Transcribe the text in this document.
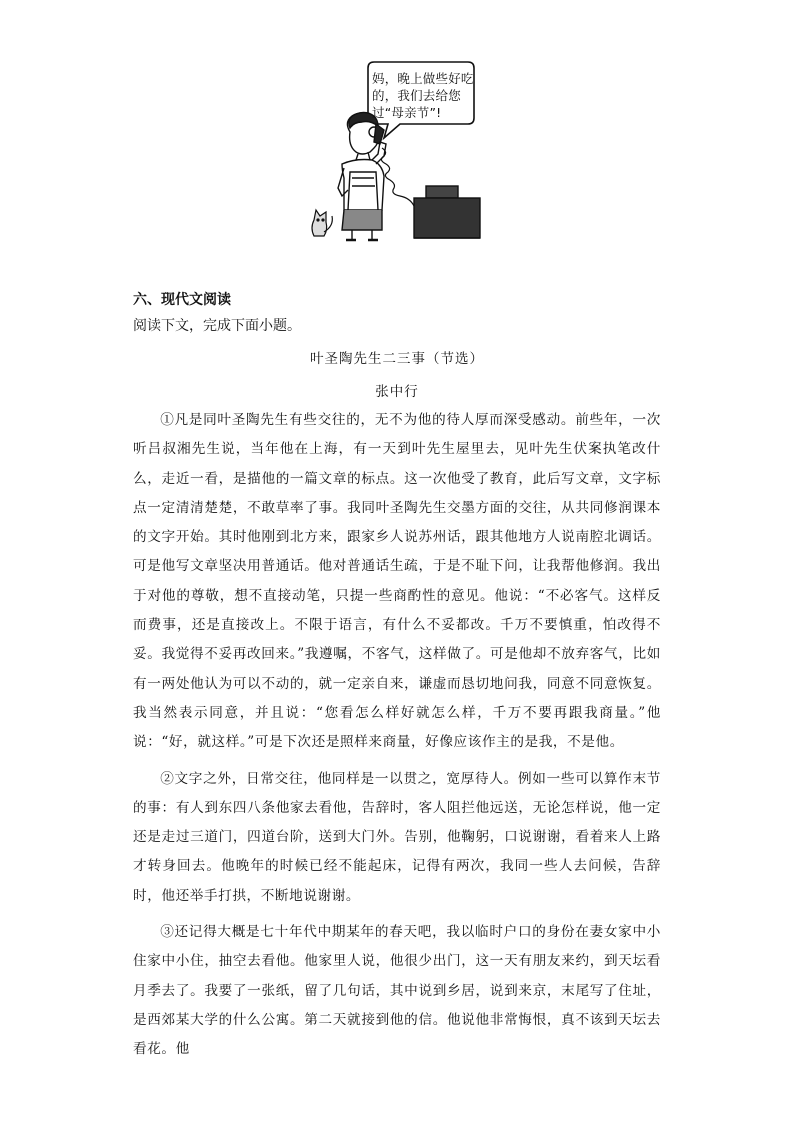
妈，晚上做些好吃的，我们去给您过“母亲节”!
六、现代文阅读
阅读下文，完成下面小题。
叶圣陶先生二三事（节选）
张中行

①凡是同叶圣陶先生有些交往的，无不为他的待人厚而深受感动。前些年，一次听吕叔湘先生说，当年他在上海，有一天到叶先生屋里去，见叶先生伏案执笔改什么，走近一看，是描他的一篇文章的标点。这一次他受了教育，此后写文章，文字标点一定清清楚楚，不敢草率了事。我同叶圣陶先生交墨方面的交往，从共同修润课本的文字开始。其时他刚到北方来，跟家乡人说苏州话，跟其他地方人说南腔北调话。可是他写文章坚决用普通话。他对普通话生疏，于是不耻下问，让我帮他修润。我出于对他的尊敬，想不直接动笔，只提一些商酌性的意见。他说：“不必客气。这样反而费事，还是直接改上。不限于语言，有什么不妥都改。千万不要慎重，怕改得不妥。我觉得不妥再改回来。”我遵嘱，不客气，这样做了。可是他却不放弃客气，比如有一两处他认为可以不动的，就一定亲自来，谦虚而恳切地问我，同意不同意恢复。我当然表示同意，并且说：“您看怎么样好就怎么样，千万不要再跟我商量。”他说：“好，就这样。”可是下次还是照样来商量，好像应该作主的是我，不是他。

②文字之外，日常交往，他同样是一以贯之，宽厚待人。例如一些可以算作末节的事：有人到东四八条他家去看他，告辞时，客人阻拦他远送，无论怎样说，他一定还是走过三道门，四道台阶，送到大门外。告别，他鞠躬，口说谢谢，看着来人上路才转身回去。他晚年的时候已经不能起床，记得有两次，我同一些人去问候，告辞时，他还举手打拱，不断地说谢谢。

③还记得大概是七十年代中期某年的春天吧，我以临时户口的身份在妻女家中小住家中小住，抽空去看他。他家里人说，他很少出门，这一天有朋友来约，到天坛看月季去了。我要了一张纸，留了几句话，其中说到乡居，说到来京，末尾写了住址，是西郊某大学的什么公寓。第二天就接到他的信。他说他非常悔恨，真不该到天坛去看花。他
